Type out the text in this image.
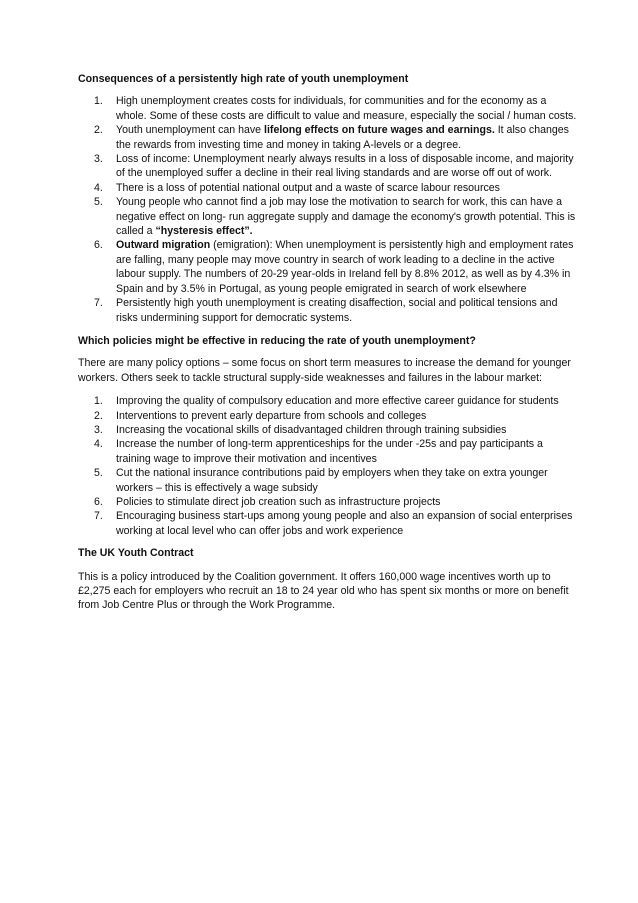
Consequences of a persistently high rate of youth unemployment
1. High unemployment creates costs for individuals, for communities and for the economy as a whole. Some of these costs are difficult to value and measure, especially the social / human costs.
2. Youth unemployment can have lifelong effects on future wages and earnings. It also changes the rewards from investing time and money in taking A-levels or a degree.
3. Loss of income: Unemployment nearly always results in a loss of disposable income, and majority of the unemployed suffer a decline in their real living standards and are worse off out of work.
4. There is a loss of potential national output and a waste of scarce labour resources
5. Young people who cannot find a job may lose the motivation to search for work, this can have a negative effect on long- run aggregate supply and damage the economy's growth potential. This is called a “hysteresis effect”.
6. Outward migration (emigration): When unemployment is persistently high and employment rates are falling, many people may move country in search of work leading to a decline in the active labour supply. The numbers of 20-29 year-olds in Ireland fell by 8.8% 2012, as well as by 4.3% in Spain and by 3.5% in Portugal, as young people emigrated in search of work elsewhere
7. Persistently high youth unemployment is creating disaffection, social and political tensions and risks undermining support for democratic systems.
Which policies might be effective in reducing the rate of youth unemployment?

There are many policy options – some focus on short term measures to increase the demand for younger workers. Others seek to tackle structural supply-side weaknesses and failures in the labour market:

1. Improving the quality of compulsory education and more effective career guidance for students
2. Interventions to prevent early departure from schools and colleges
3. Increasing the vocational skills of disadvantaged children through training subsidies
4. Increase the number of long-term apprenticeships for the under -25s and pay participants a training wage to improve their motivation and incentives
5. Cut the national insurance contributions paid by employers when they take on extra younger workers – this is effectively a wage subsidy
6. Policies to stimulate direct job creation such as infrastructure projects
7. Encouraging business start-ups among young people and also an expansion of social enterprises working at local level who can offer jobs and work experience
The UK Youth Contract

This is a policy introduced by the Coalition government. It offers 160,000 wage incentives worth up to £2,275 each for employers who recruit an 18 to 24 year old who has spent six months or more on benefit from Job Centre Plus or through the Work Programme.
